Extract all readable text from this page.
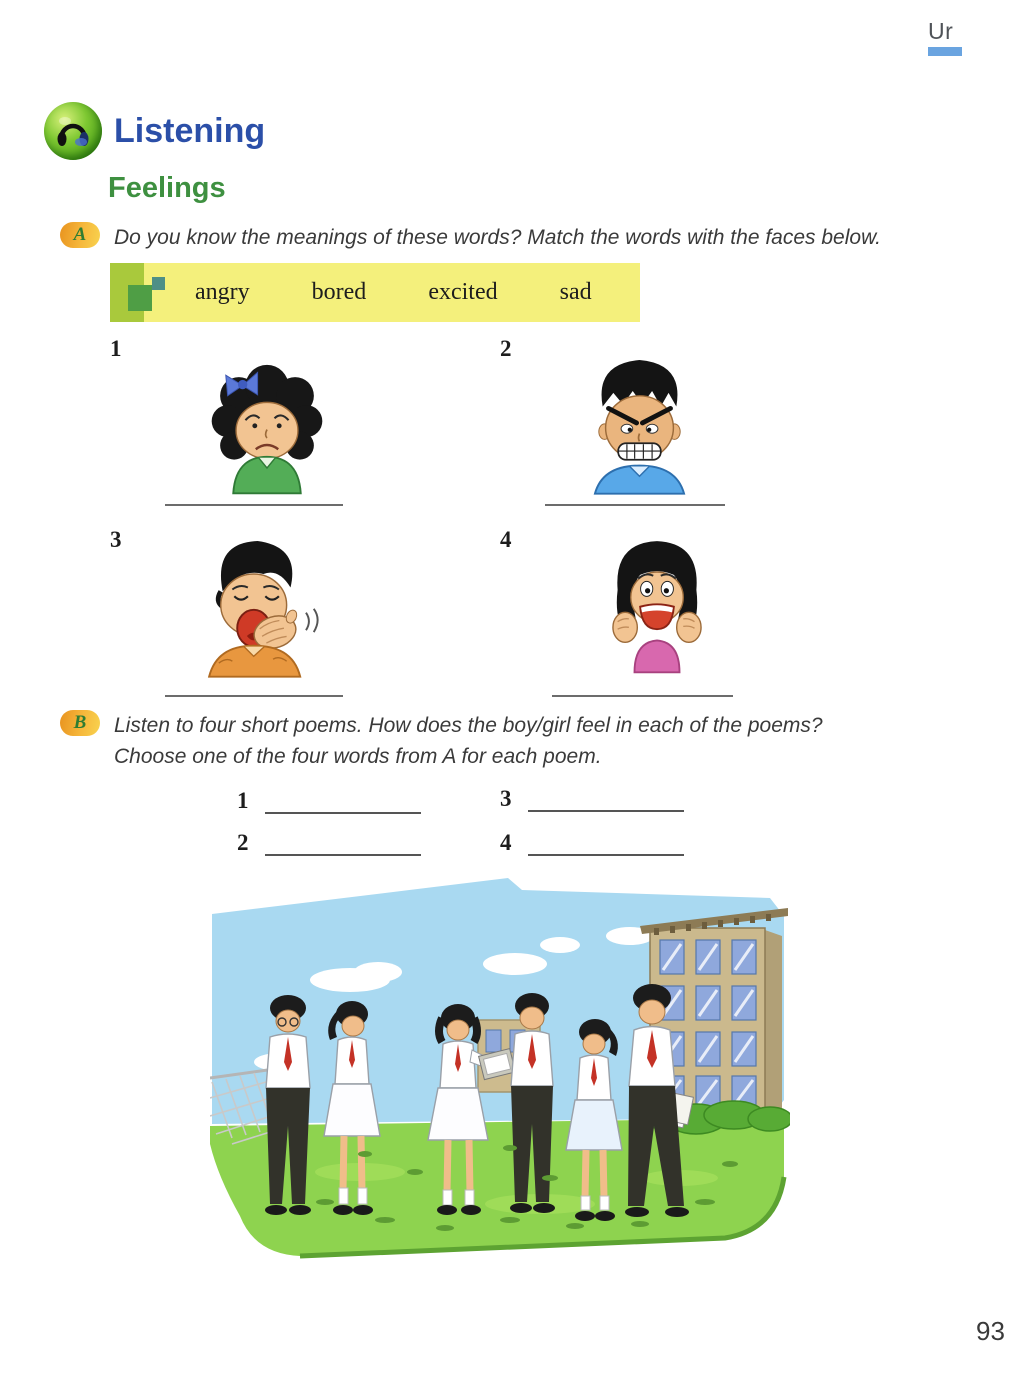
Ur
Listening
Feelings
A	Do you know the meanings of these words? Match the words with the faces below.
angry	bored	excited	sad
1	2
3	4
B	Listen to four short poems. How does the boy/girl feel in each of the poems?
Choose one of the four words from A for each poem.
1	3
2	4
93
